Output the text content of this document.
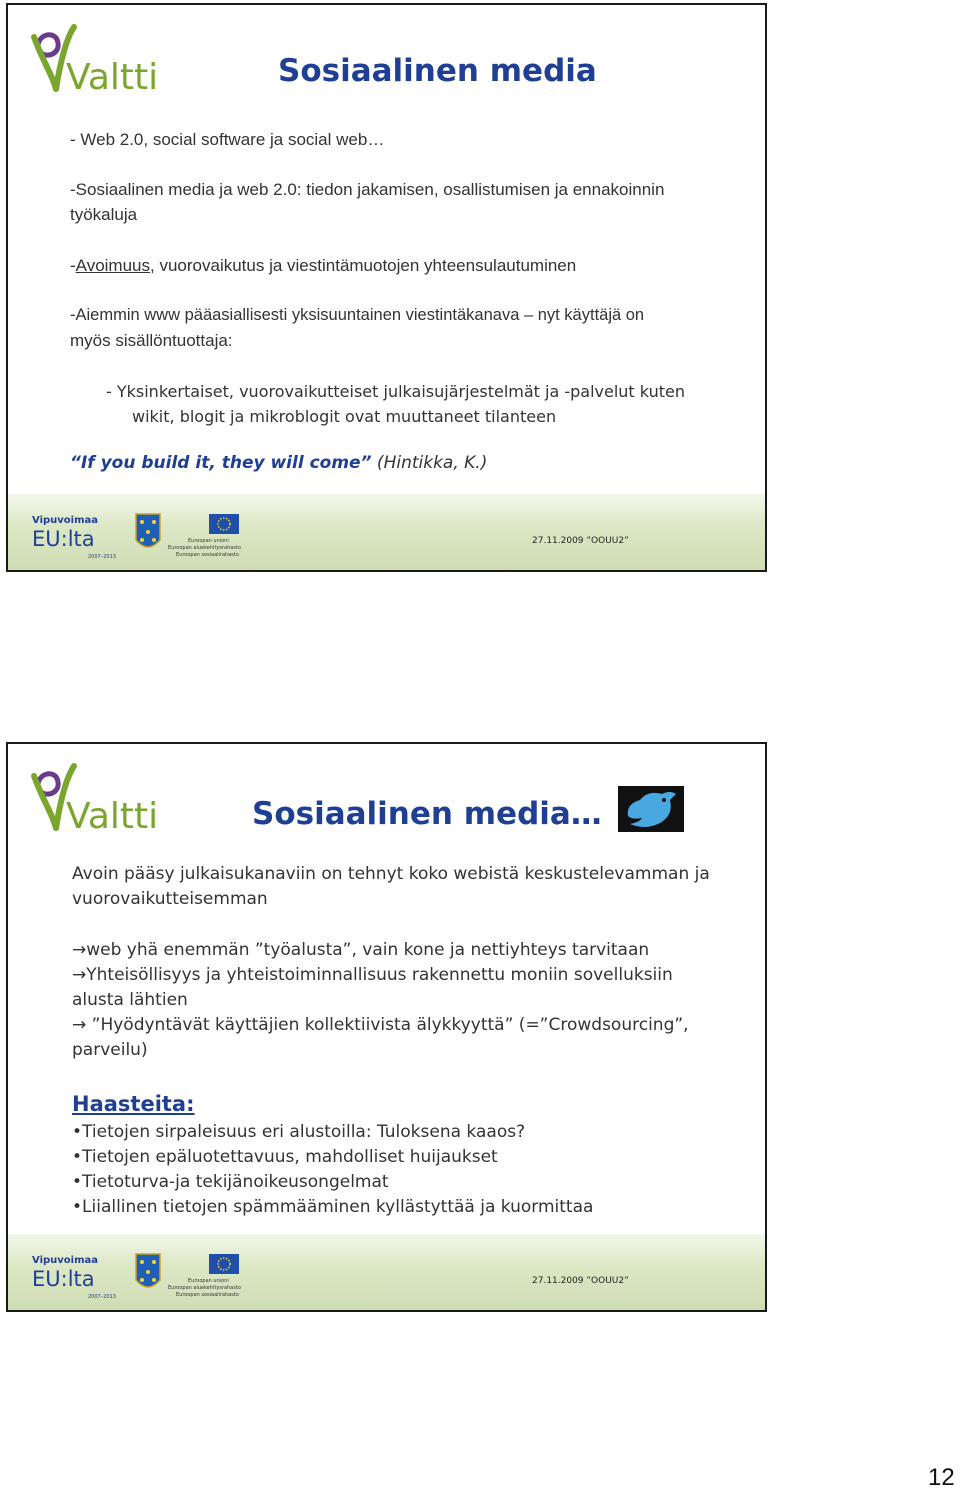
Valtti	Sosiaalinen media
- Web 2.0, social software ja social web…
-Sosiaalinen media ja web 2.0: tiedon jakamisen, osallistumisen ja ennakoinnin
työkaluja
-Avoimuus, vuorovaikutus ja viestintämuotojen yhteensulautuminen
-Aiemmin www pääasiallisesti yksisuuntainen viestintäkanava – nyt käyttäjä on
myös sisällöntuottaja:
- Yksinkertaiset, vuorovaikutteiset julkaisujärjestelmät ja -palvelut kuten
wikit, blogit ja mikroblogit ovat muuttaneet tilanteen
“If you build it, they will come” (Hintikka, K.)
Vipuvoimaa
EU:lta
2007–2013
Euroopan unioni
Euroopan aluekehitysrahasto
Euroopan sosiaalirahasto
27.11.2009 ”OOUU2”
Valtti	Sosiaalinen media…
Avoin pääsy julkaisukanaviin on tehnyt koko webistä keskustelevamman ja
vuorovaikutteisemman
→web yhä enemmän ”työalusta”, vain kone ja nettiyhteys tarvitaan
→Yhteisöllisyys ja yhteistoiminnallisuus rakennettu moniin sovelluksiin
alusta lähtien
→ ”Hyödyntävät käyttäjien kollektiivista älykkyyttä” (=”Crowdsourcing”,
parveilu)
Haasteita:
•Tietojen sirpaleisuus eri alustoilla: Tuloksena kaaos?
•Tietojen epäluotettavuus, mahdolliset huijaukset
•Tietoturva-ja tekijänoikeusongelmat
•Liiallinen tietojen spämmääminen kyllästyttää ja kuormittaa
Vipuvoimaa
EU:lta
2007–2013
Euroopan unioni
Euroopan aluekehitysrahasto
Euroopan sosiaalirahasto
27.11.2009 ”OOUU2”
12
